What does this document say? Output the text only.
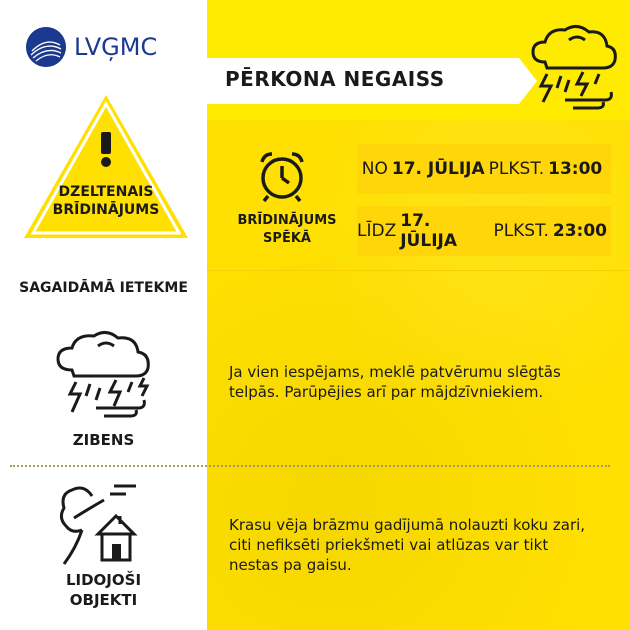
LVĢMC
DZELTENAIS
BRĪDINĀJUMS
SAGAIDĀMĀ IETEKME
PĒRKONA NEGAISS
BRĪDINĀJUMS
SPĒKĀ
NO 17. JŪLIJA PLKST. 13:00
LĪDZ 17. JŪLIJA	PLKST. 23:00
ZIBENS
Ja vien iespējams, meklē patvērumu slēgtās
telpās. Parūpējies arī par mājdzīvniekiem.
LIDOJOŠI
OBJEKTI
Krasu vēja brāzmu gadījumā nolauzti koku zari,
citi nefiksēti priekšmeti vai atlūzas var tikt
nestas pa gaisu.
